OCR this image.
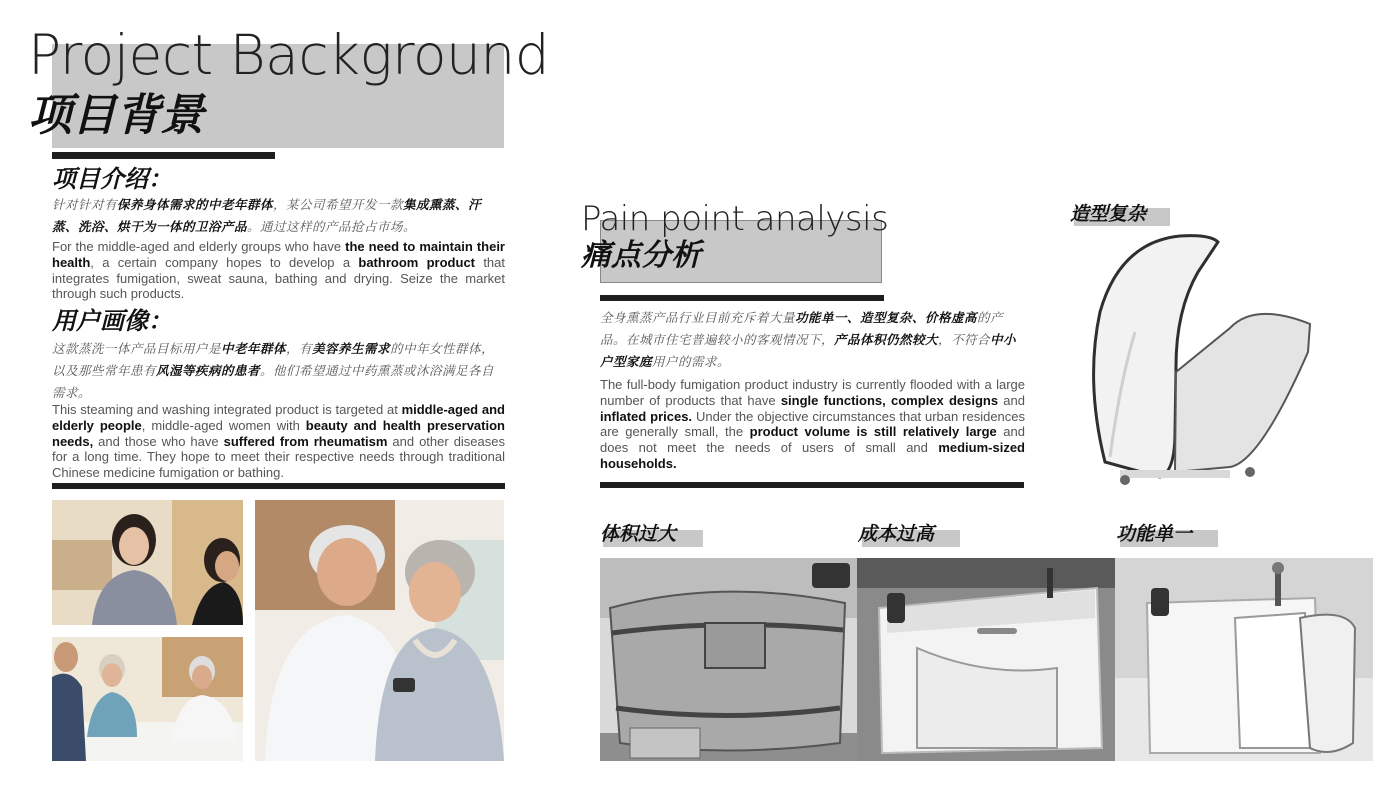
Project Background
项目背景
项目介绍：
针对针对有保养身体需求的中老年群体，某公司希望开发一款集成熏蒸、汗蒸、洗浴、烘干为一体的卫浴产品。通过这样的产品抢占市场。
For the middle-aged and elderly groups who have the need to maintain their health, a certain company hopes to develop a bathroom product that integrates fumigation, sweat sauna, bathing and drying. Seize the market through such products.
用户画像：
这款蒸洗一体产品目标用户是中老年群体，有美容养生需求的中年女性群体，以及那些常年患有风湿等疾病的患者。他们希望通过中药熏蒸或沐浴满足各自需求。
This steaming and washing integrated product is targeted at middle-aged and elderly people, middle-aged women with beauty and health preservation needs, and those who have suffered from rheumatism and other diseases for a long time. They hope to meet their respective needs through traditional Chinese medicine fumigation or bathing.
Pain point analysis
痛点分析
全身熏蒸产品行业目前充斥着大量功能单一、造型复杂、价格虚高的产品。在城市住宅普遍较小的客观情况下，产品体积仍然较大，不符合中小户型家庭用户的需求。
The full-body fumigation product industry is currently flooded with a large number of products that have single functions, complex designs and inflated prices. Under the objective circumstances that urban residences are generally small, the product volume is still relatively large and does not meet the needs of users of small and medium-sized households.
造型复杂
体积过大	成本过高	功能单一
